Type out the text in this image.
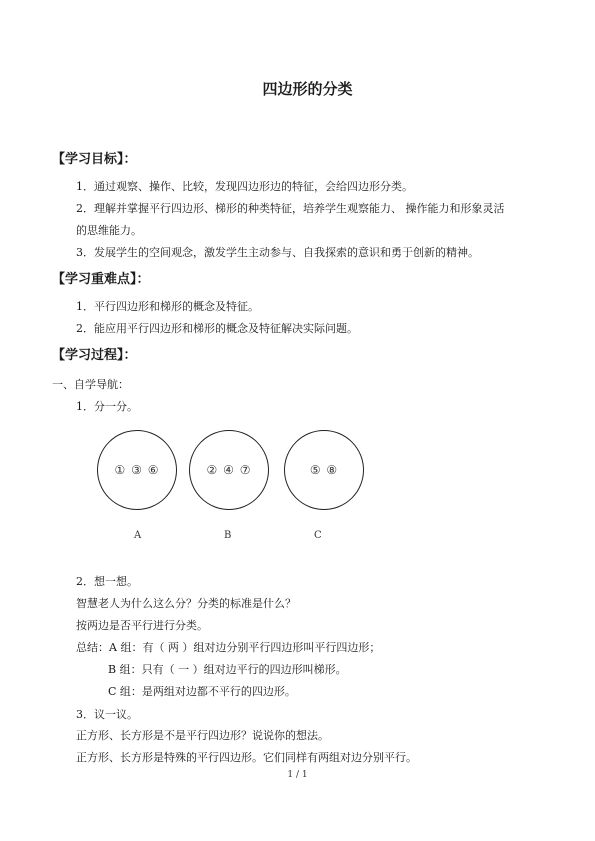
四边形的分类
【学习目标】：
1．通过观察、操作、比较，发现四边形边的特征，会给四边形分类。
2．理解并掌握平行四边形、梯形的种类特征，培养学生观察能力、 操作能力和形象灵活
的思维能力。
3．发展学生的空间观念，激发学生主动参与、自我探索的意识和勇于创新的精神。
【学习重难点】：
1．平行四边形和梯形的概念及特征。
2．能应用平行四边形和梯形的概念及特征解决实际问题。
【学习过程】：
一、自学导航：
1．分一分。
① ③ ⑥	② ④ ⑦	⑤ ⑧
A	B	C
2．想一想。
智慧老人为什么这么分？分类的标准是什么？
按两边是否平行进行分类。
总结：A 组：有（ 两 ）组对边分别平行四边形叫平行四边形；
B 组：只有（ 一 ）组对边平行的四边形叫梯形。
C 组：是两组对边都不平行的四边形。
3．议一议。
正方形、长方形是不是平行四边形？说说你的想法。
正方形、长方形是特殊的平行四边形。它们同样有两组对边分别平行。
1 / 1
